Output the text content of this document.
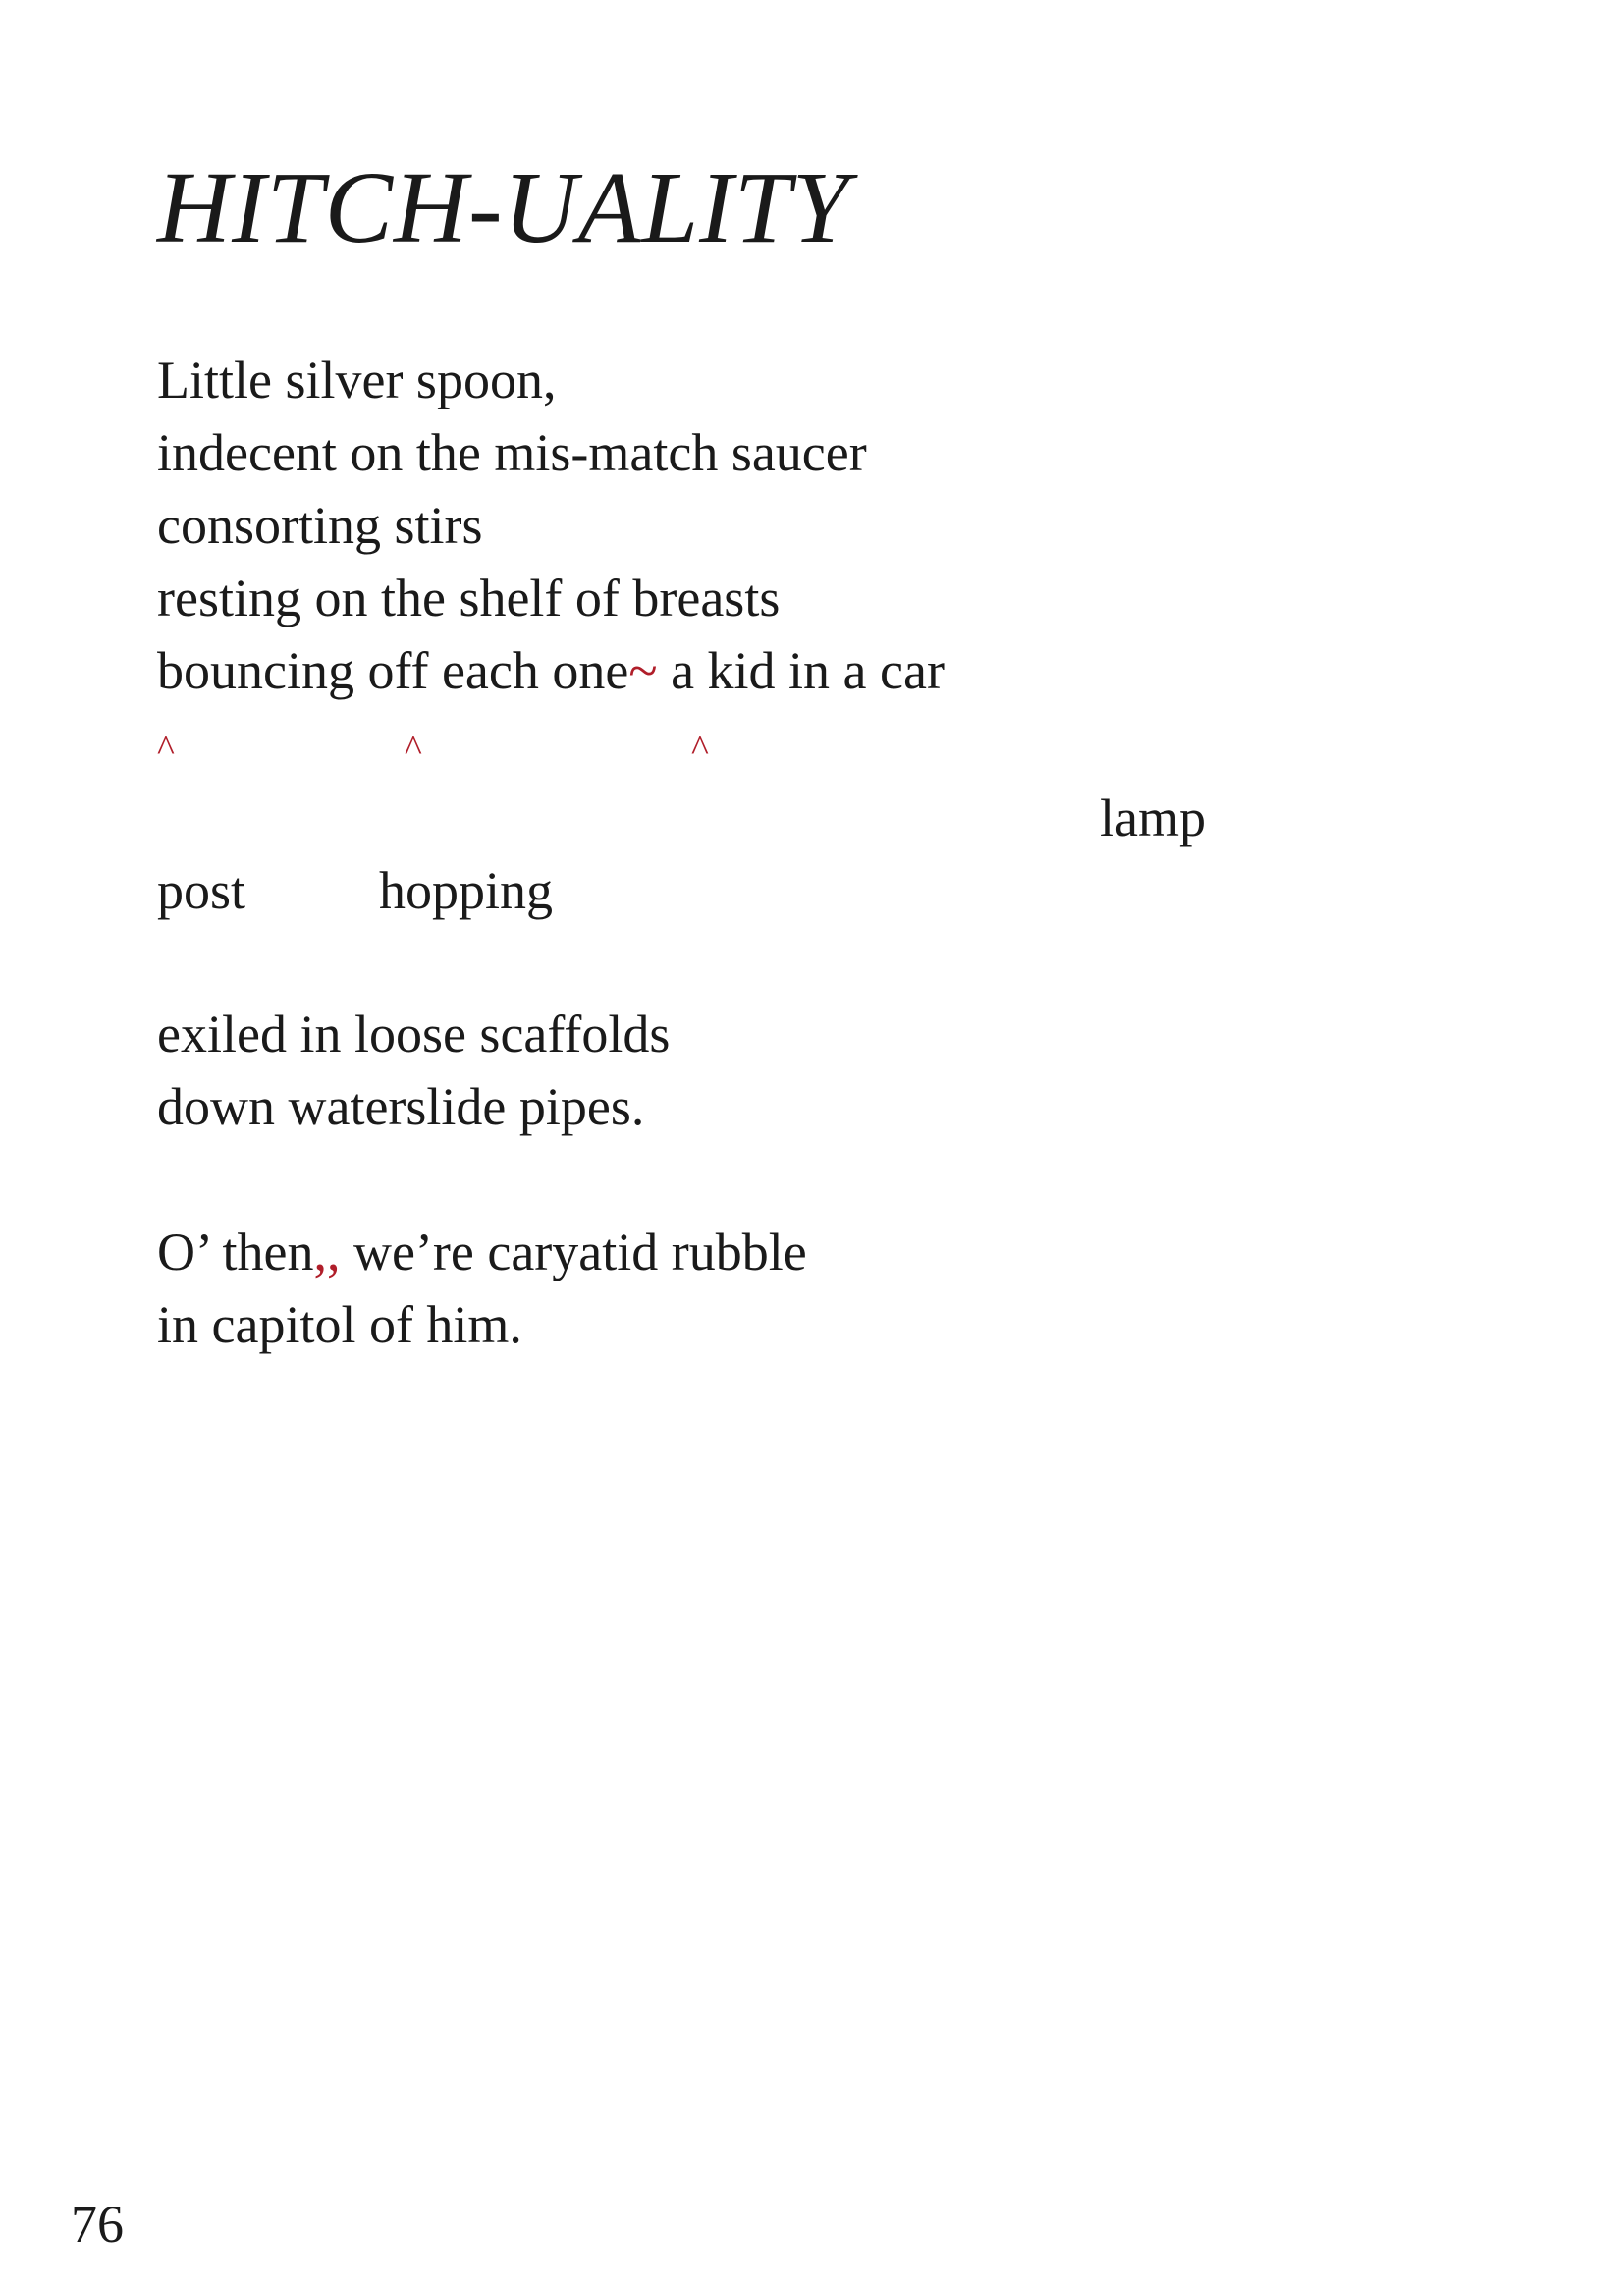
HITCH-UALITY

Little silver spoon,

indecent on the mis-match saucer

consorting stirs

resting on the shelf of breasts

bouncing off each one~ a kid in a car

^	^	^
lamp
post	hopping

exiled in loose scaffolds

down waterslide pipes.

O’ then,, we’re caryatid rubble

in capitol of him.

76
